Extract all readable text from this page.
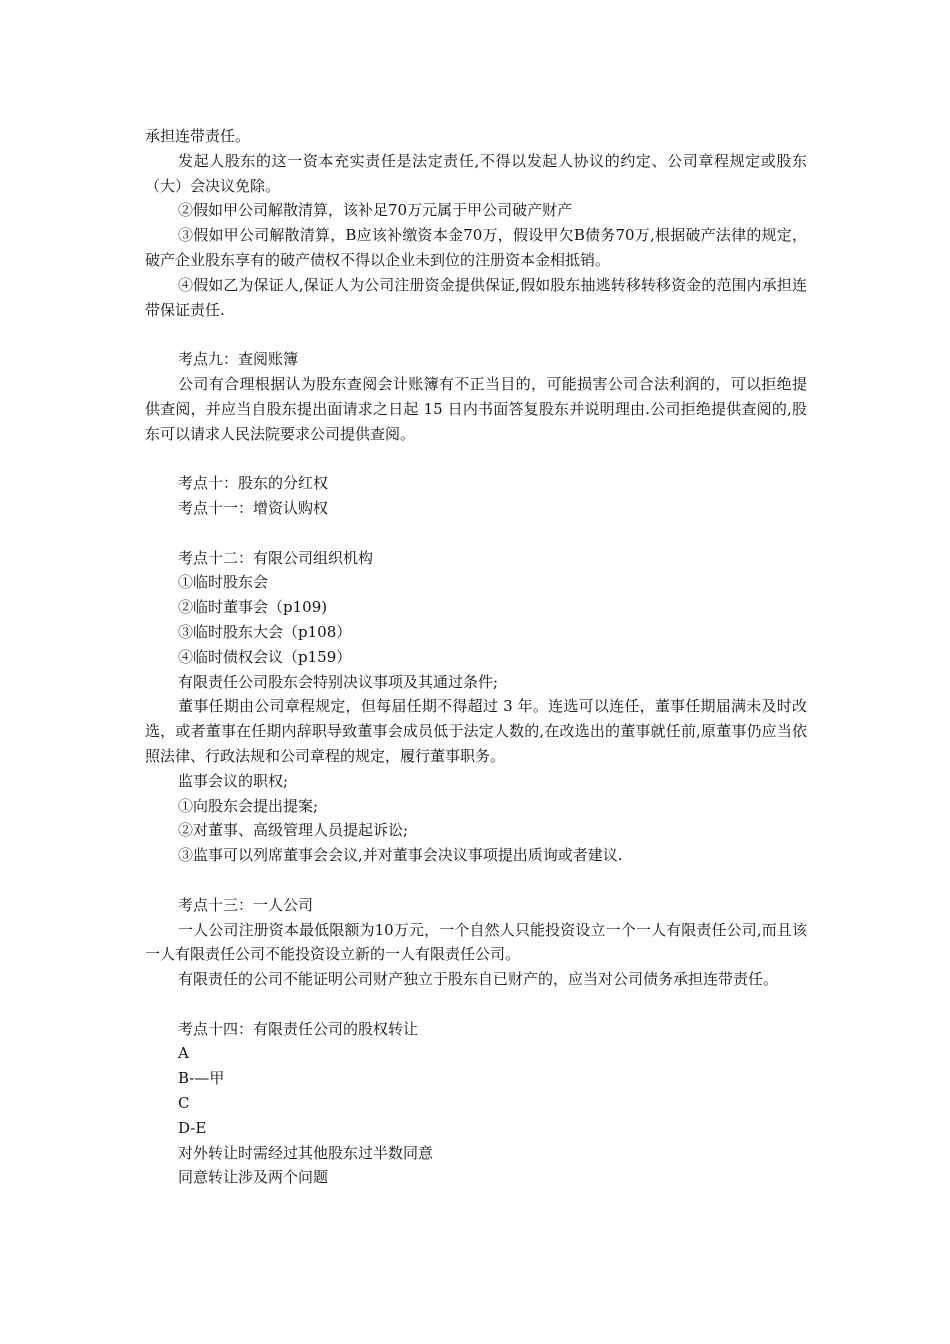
承担连带责任。

发起人股东的这一资本充实责任是法定责任,不得以发起人协议的约定、公司章程规定或股东（大）会决议免除。

②假如甲公司解散清算，该补足70万元属于甲公司破产财产

③假如甲公司解散清算，B应该补缴资本金70万，假设甲欠B债务70万,根据破产法律的规定，破产企业股东享有的破产债权不得以企业未到位的注册资本金相抵销。

④假如乙为保证人,保证人为公司注册资金提供保证,假如股东抽逃转移转移资金的范围内承担连带保证责任.

考点九：查阅账簿

公司有合理根据认为股东查阅会计账簿有不正当目的，可能损害公司合法利润的，可以拒绝提供查阅，并应当自股东提出面请求之日起 15 日内书面答复股东并说明理由.公司拒绝提供查阅的,股东可以请求人民法院要求公司提供查阅。

考点十：股东的分红权

考点十一：增资认购权

考点十二：有限公司组织机构

①临时股东会

②临时董事会（p109)

③临时股东大会（p108）

④临时债权会议（p159）

有限责任公司股东会特别决议事项及其通过条件;

董事任期由公司章程规定，但每届任期不得超过 3 年。连选可以连任，董事任期届满未及时改选，或者董事在任期内辞职导致董事会成员低于法定人数的,在改选出的董事就任前,原董事仍应当依照法律、行政法规和公司章程的规定，履行董事职务。

监事会议的职权;

①向股东会提出提案;

②对董事、高级管理人员提起诉讼;

③监事可以列席董事会会议,并对董事会决议事项提出质询或者建议.

考点十三：一人公司

一人公司注册资本最低限额为10万元，一个自然人只能投资设立一个一人有限责任公司,而且该一人有限责任公司不能投资设立新的一人有限责任公司。

有限责任的公司不能证明公司财产独立于股东自已财产的，应当对公司债务承担连带责任。

考点十四：有限责任公司的股权转让

A

B-—甲

C

D-E

对外转让时需经过其他股东过半数同意

同意转让涉及两个问题
